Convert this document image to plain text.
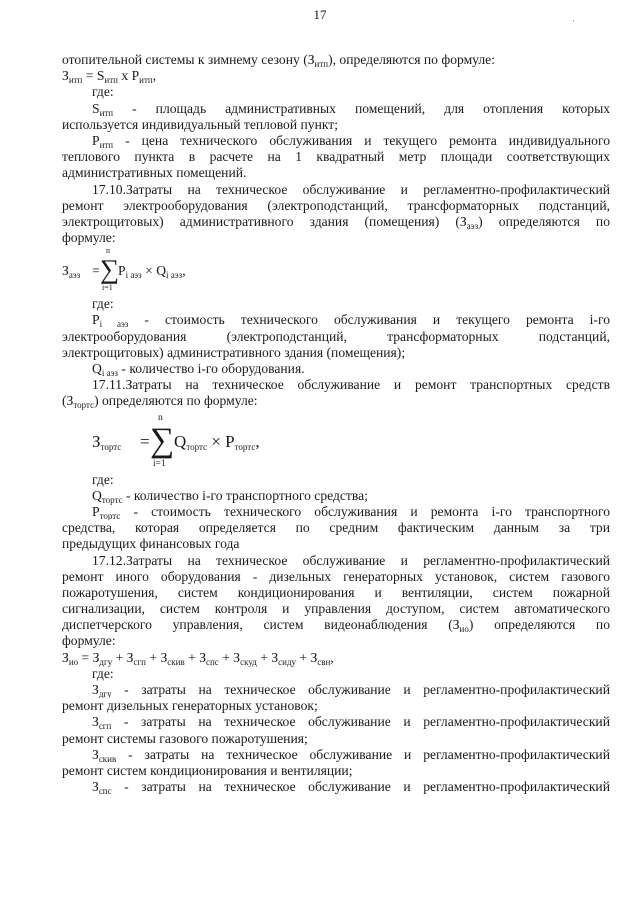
17	·
отопительной системы к зимнему сезону $(З_{итп})$, определяются по формуле:
$З_{итп} = S_{итп}$ x $P_{итп}$,
где:
$S_{итп}$ - площадь административных помещений, для отопления которых
используется индивидуальный тепловой пункт;
$P_{итп}$ - цена технического обслуживания и текущего ремонта индивидуального
теплового пункта в расчете на 1 квадратный метр площади соответствующих
административных помещений.
17.10.Затраты на техническое обслуживание и регламентно-профилактический
ремонт электрооборудования (электроподстанций, трансформаторных подстанций,
электрощитовых) административного здания (помещения) $(З_{аэз})$ определяются по
формуле:
$З_{аэз}$ = ∑
n
i=1
$P_{i аэз} \times Q_{i аэз}$,
где:
$P_{i аэз}$ - стоимость технического обслуживания и текущего ремонта i-го
электрооборудования (электроподстанций, трансформаторных подстанций,
электрощитовых) административного здания (помещения);
$Q_{i аэз}$ - количество i-го оборудования.
17.11.Затраты на техническое обслуживание и ремонт транспортных средств
$(З_{тортс})$ определяются по формуле:
$З_{тортс}$ = ∑
n
i=1
$Q_{тортс} \times P_{тортс}$,
где:
$Q_{тортс}$ - количество i-го транспортного средства;
$P_{тортс}$ - стоимость технического обслуживания и ремонта i-го транспортного
средства, которая определяется по средним фактическим данным за три
предыдущих финансовых года
17.12.Затраты на техническое обслуживание и регламентно-профилактический
ремонт иного оборудования - дизельных генераторных установок, систем газового
пожаротушения, систем кондиционирования и вентиляции, систем пожарной
сигнализации, систем контроля и управления доступом, систем автоматического
диспетчерского управления, систем видеонаблюдения $(З_{ио})$ определяются по
формуле:
$З_{ио} = З_{дгу} + З_{сгп} + З_{скив} + З_{спс} + З_{скуд} + З_{сиду} + З_{свн}$,
где:
$З_{дгу}$ - затраты на техническое обслуживание и регламентно-профилактический
ремонт дизельных генераторных установок;
$З_{сгп}$ - затраты на техническое обслуживание и регламентно-профилактический
ремонт системы газового пожаротушения;
$З_{скив}$ - затраты на техническое обслуживание и регламентно-профилактический
ремонт систем кондиционирования и вентиляции;
$З_{спс}$ - затраты на техническое обслуживание и регламентно-профилактический
